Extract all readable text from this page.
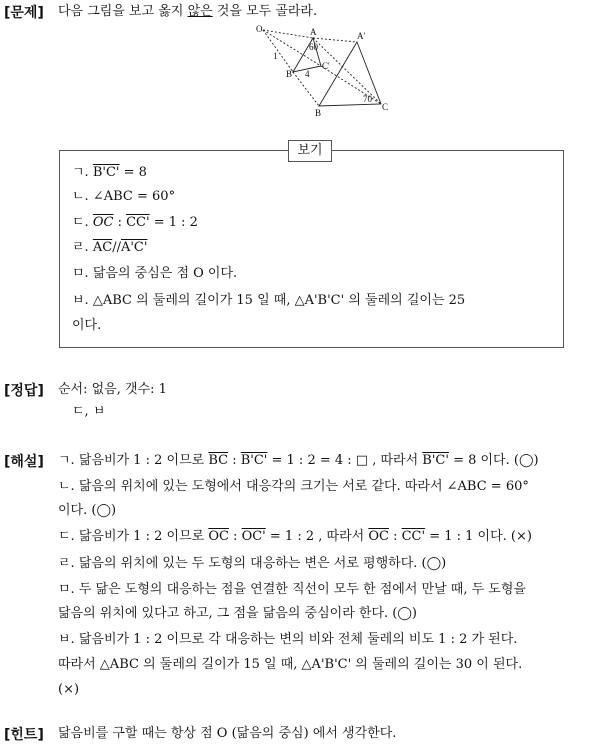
[문제] 다음 그림을 보고 옳지 않은 것을 모두 골라라.
O	A	A'
B'
C'
B
C
1
4
60
70
보기
ㄱ. B'C' = 8
ㄴ. ∠ABC = 60°
ㄷ. $\overline{OC}$ : CC' = 1 : 2
ㄹ. $\overline{AC}//A'C'$
ㅁ. 닮음의 중심은 점 O 이다.
ㅂ. △ABC 의 둘레의 길이가 15 일 때, △A'B'C' 의 둘레의 길이는 25
이다.
[정답] 순서: 없음, 갯수: 1
ㄷ, ㅂ
[해설] ㄱ. 닮음비가 1 : 2 이므로 $\overline{BC}$ : B'C' = 1 : 2 = 4 : □ , 따라서 B'C' = 8 이다. (◯)
ㄴ. 닮음의 위치에 있는 도형에서 대응각의 크기는 서로 같다. 따라서 ∠ABC = 60°
이다. (◯)
ㄷ. 닮음비가 1 : 2 이므로 $\overline{OC}$ : OC' = 1 : 2 , 따라서 $\overline{OC}$ : CC' = 1 : 1 이다. (×)
ㄹ. 닮음의 위치에 있는 두 도형의 대응하는 변은 서로 평행하다. (◯)
ㅁ. 두 닮은 도형의 대응하는 점을 연결한 직선이 모두 한 점에서 만날 때, 두 도형을
닮음의 위치에 있다고 하고, 그 점을 닮음의 중심이라 한다. (◯)
ㅂ. 닮음비가 1 : 2 이므로 각 대응하는 변의 비와 전체 둘레의 비도 1 : 2 가 된다.
따라서 △ABC 의 둘레의 길이가 15 일 때, △A'B'C' 의 둘레의 길이는 30 이 된다.
(×)
[힌트] 닮음비를 구할 때는 항상 점 O (닮음의 중심) 에서 생각한다.
